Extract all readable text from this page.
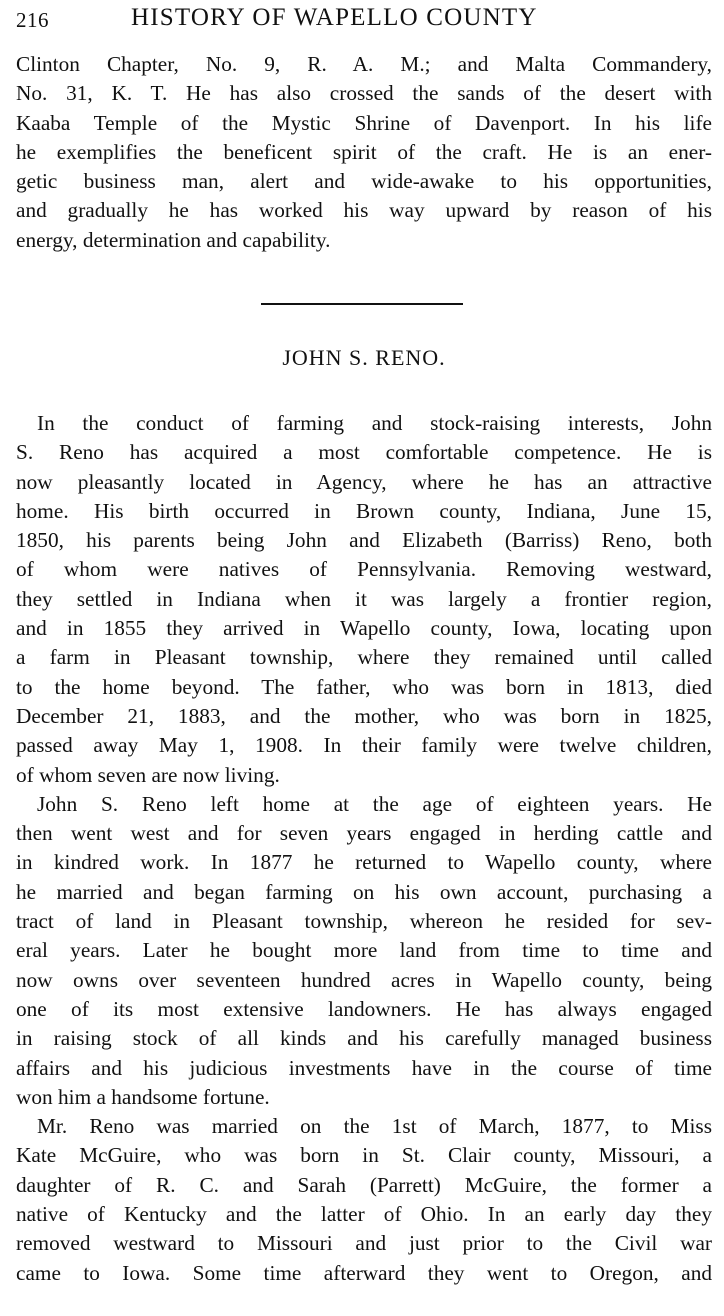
216	HISTORY OF WAPELLO COUNTY

Clinton Chapter, No. 9, R. A. M.; and Malta Commandery,
No. 31, K. T. He has also crossed the sands of the desert with
Kaaba Temple of the Mystic Shrine of Davenport. In his life
he exemplifies the beneficent spirit of the craft. He is an ener-
getic business man, alert and wide-awake to his opportunities,
and gradually he has worked his way upward by reason of his
energy, determination and capability.

JOHN S. RENO.

In the conduct of farming and stock-raising interests, John
S. Reno has acquired a most comfortable competence. He is
now pleasantly located in Agency, where he has an attractive
home. His birth occurred in Brown county, Indiana, June 15,
1850, his parents being John and Elizabeth (Barriss) Reno, both
of whom were natives of Pennsylvania. Removing westward,
they settled in Indiana when it was largely a frontier region,
and in 1855 they arrived in Wapello county, Iowa, locating upon
a farm in Pleasant township, where they remained until called
to the home beyond. The father, who was born in 1813, died
December 21, 1883, and the mother, who was born in 1825,
passed away May 1, 1908. In their family were twelve children,
of whom seven are now living.

John S. Reno left home at the age of eighteen years. He
then went west and for seven years engaged in herding cattle and
in kindred work. In 1877 he returned to Wapello county, where
he married and began farming on his own account, purchasing a
tract of land in Pleasant township, whereon he resided for sev-
eral years. Later he bought more land from time to time and
now owns over seventeen hundred acres in Wapello county, being
one of its most extensive landowners. He has always engaged
in raising stock of all kinds and his carefully managed business
affairs and his judicious investments have in the course of time
won him a handsome fortune.

Mr. Reno was married on the 1st of March, 1877, to Miss
Kate McGuire, who was born in St. Clair county, Missouri, a
daughter of R. C. and Sarah (Parrett) McGuire, the former a
native of Kentucky and the latter of Ohio. In an early day they
removed westward to Missouri and just prior to the Civil war
came to Iowa. Some time afterward they went to Oregon, and
